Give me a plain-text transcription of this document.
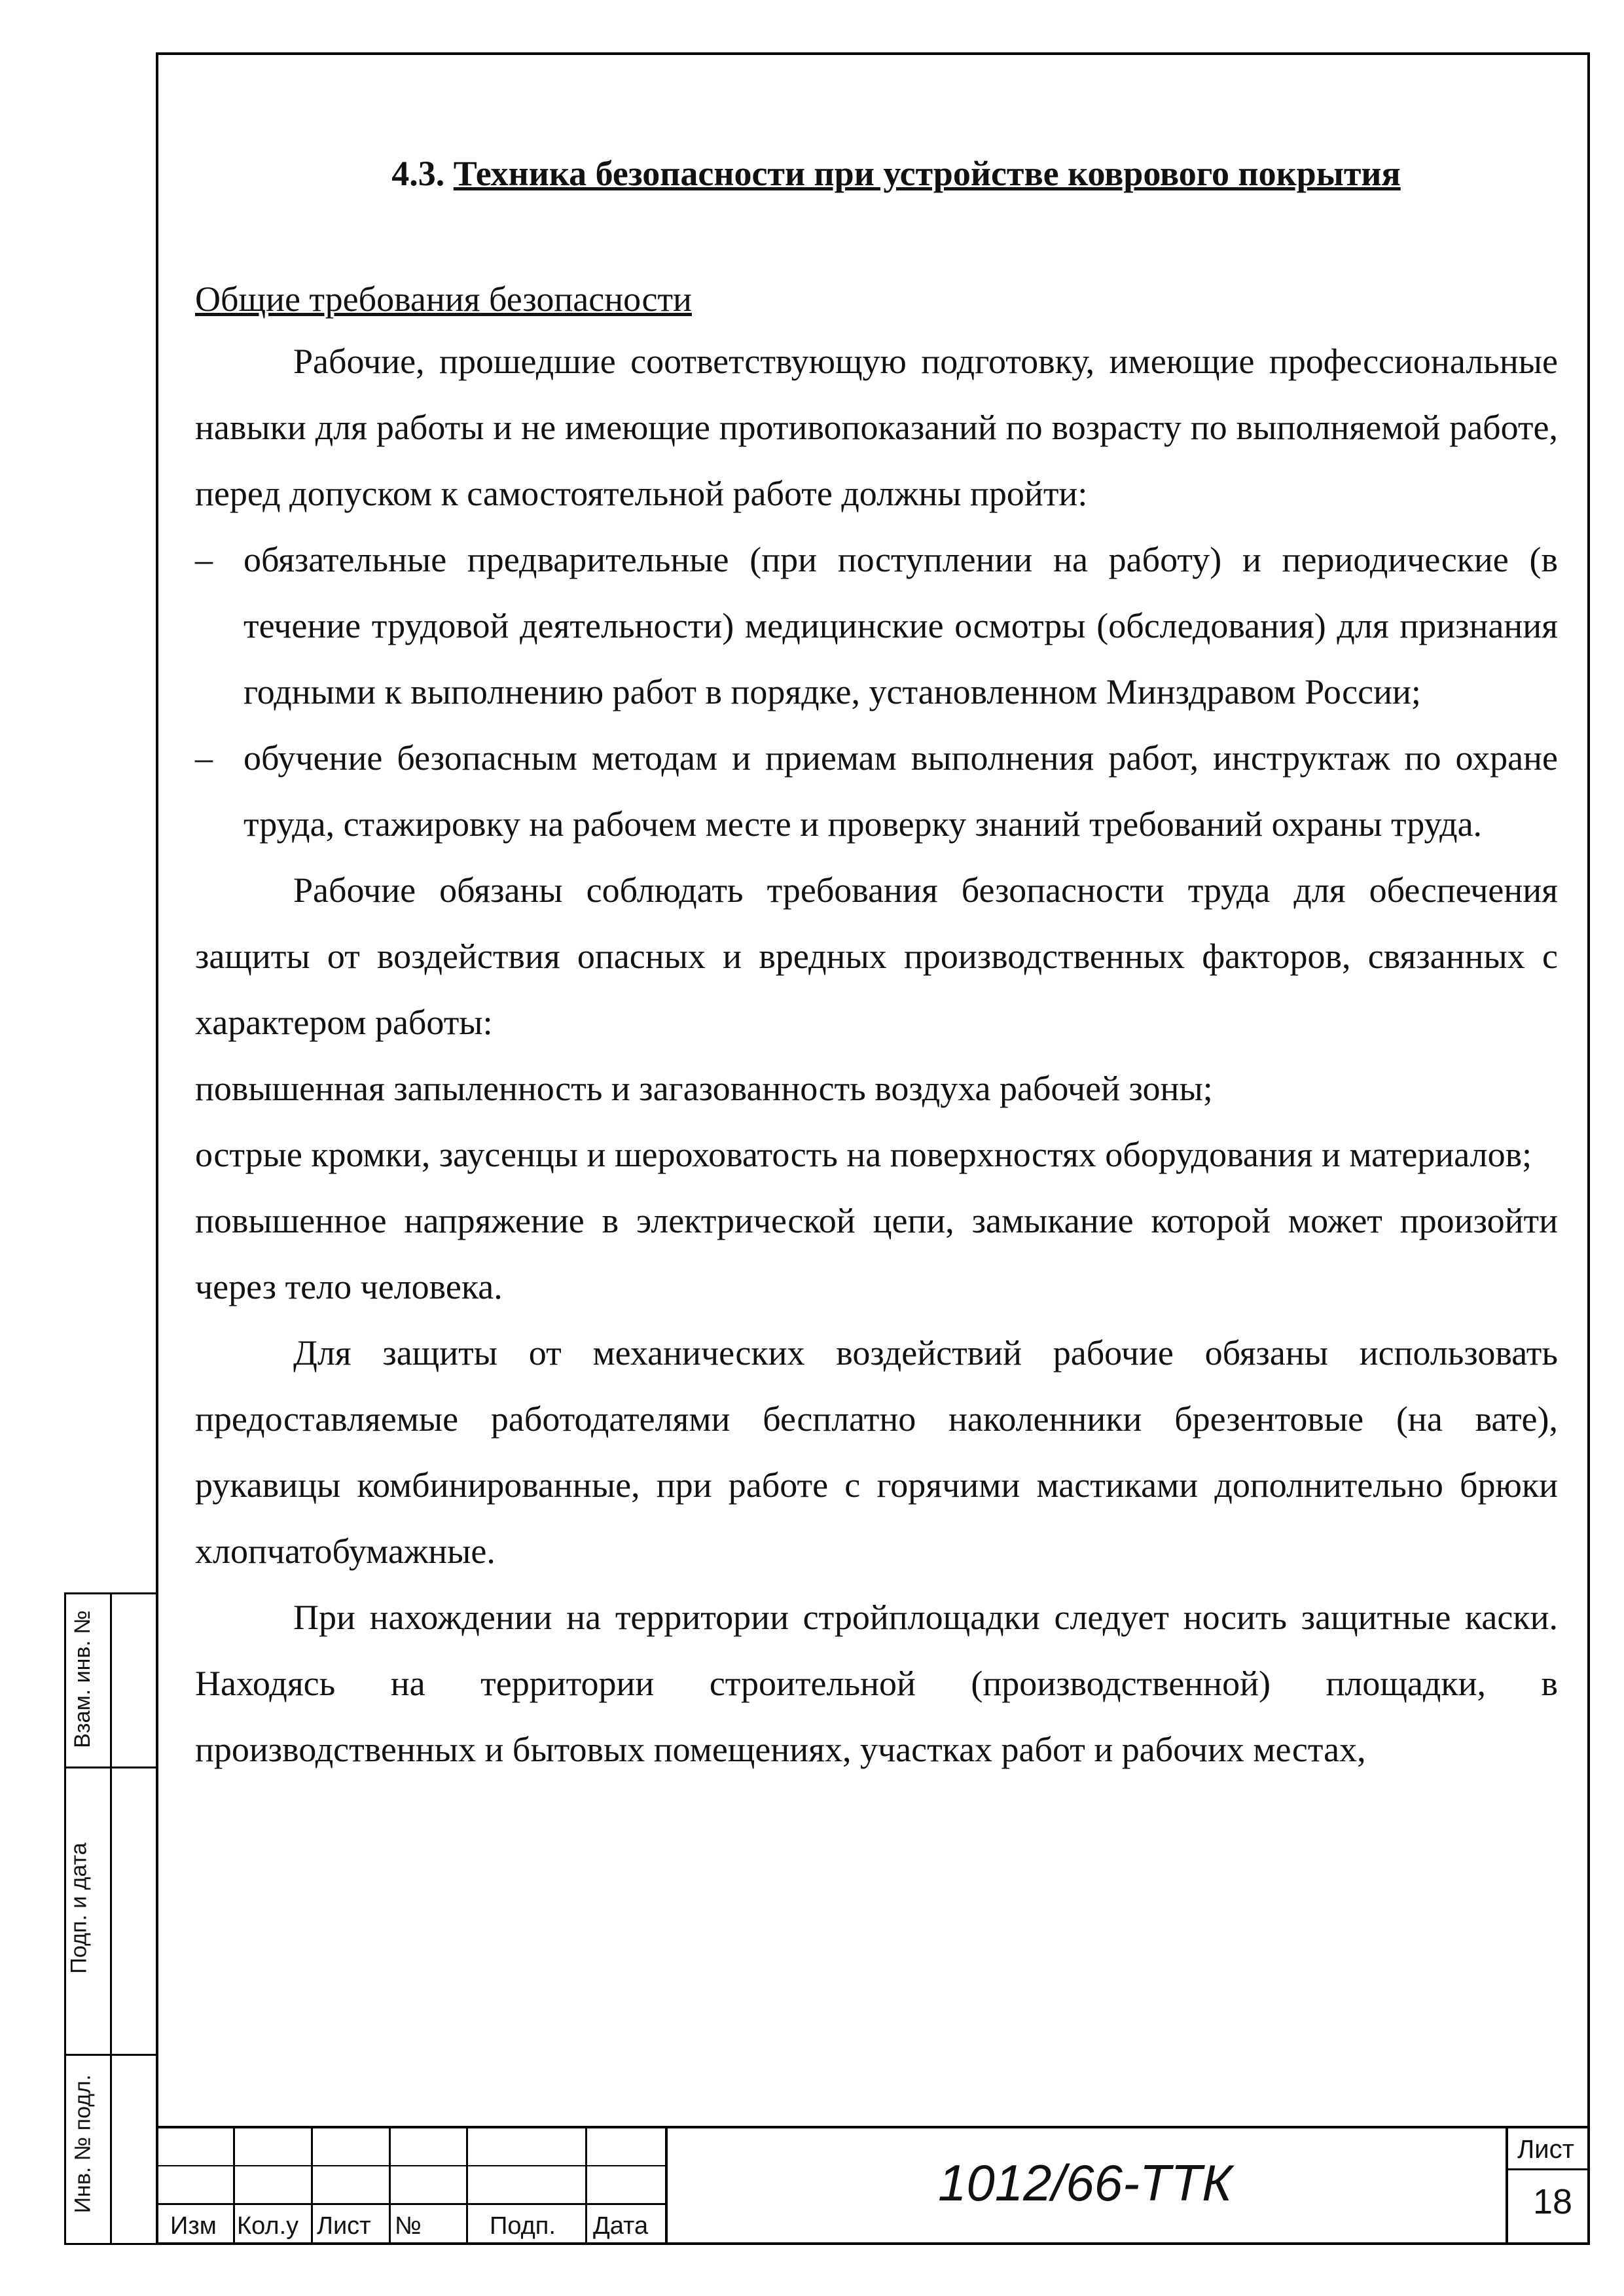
4.3. Техника безопасности при устройстве коврового покрытия

Общие требования безопасности

Рабочие, прошедшие соответствующую подготовку, имеющие профессиональные навыки для работы и не имеющие противопоказаний по возрасту по выполняемой работе, перед допуском к самостоятельной работе должны пройти:

– обязательные предварительные (при поступлении на работу) и периодические (в течение трудовой деятельности) медицинские осмотры (обследования) для признания годными к выполнению работ в порядке, установленном Минздравом России;

– обучение безопасным методам и приемам выполнения работ, инструктаж по охране труда, стажировку на рабочем месте и проверку знаний требований охраны труда.

Рабочие обязаны соблюдать требования безопасности труда для обеспечения защиты от воздействия опасных и вредных производственных факторов, связанных с характером работы:

повышенная запыленность и загазованность воздуха рабочей зоны;

острые кромки, заусенцы и шероховатость на поверхностях оборудования и материалов;

повышенное напряжение в электрической цепи, замыкание которой может произойти через тело человека.

Для защиты от механических воздействий рабочие обязаны использовать предоставляемые работодателями бесплатно наколенники брезентовые (на вате), рукавицы комбинированные, при работе с горячими мастиками дополнительно брюки хлопчатобумажные.

При нахождении на территории стройплощадки следует носить защитные каски. Находясь на территории строительной (производственной) площадки, в производственных и бытовых помещениях, участках работ и рабочих местах,

Взам. инв. №
Подп. и дата
Инв. № подл.
Изм Кол.у Лист №	Подп. Дата
1012/66-ТТК
Лист
18
